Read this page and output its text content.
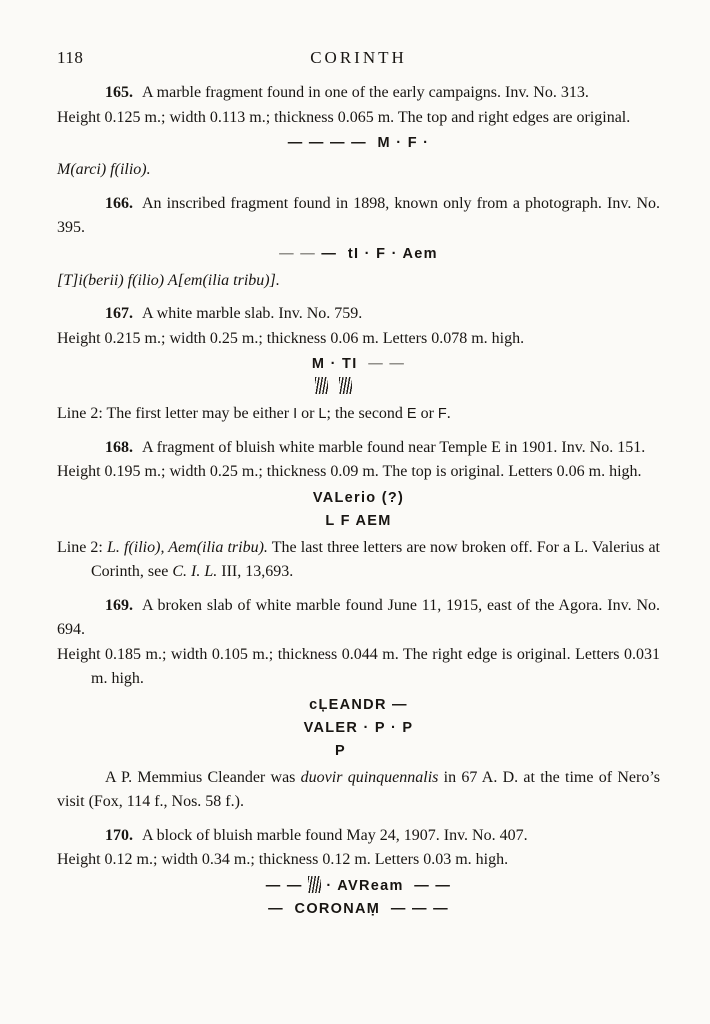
118	CORINTH

165. A marble fragment found in one of the early campaigns. Inv. No. 313.

Height 0.125 m.; width 0.113 m.; thickness 0.065 m. The top and right edges are original.

— — — —  M · F ·

M(arci) f(ilio).

166. An inscribed fragment found in 1898, known only from a photograph. Inv. No. 395.

— — —  tI · F · Aem

[T]i(berii) f(ilio) A[em(ilia tribu)].

167. A white marble slab. Inv. No. 759.

Height 0.215 m.; width 0.25 m.; thickness 0.06 m. Letters 0.078 m. high.

M · TI  — —

Line 2: The first letter may be either I or L; the second E or F.

168. A fragment of bluish white marble found near Temple E in 1901. Inv. No. 151.

Height 0.195 m.; width 0.25 m.; thickness 0.09 m. The top is original. Letters 0.06 m. high.

VALerio (?)
L F AEM

Line 2: L. f(ilio), Aem(ilia tribu). The last three letters are now broken off. For a L. Valerius at Corinth, see C. I. L. III, 13,693.

169. A broken slab of white marble found June 11, 1915, east of the Agora. Inv. No. 694.

Height 0.185 m.; width 0.105 m.; thickness 0.044 m. The right edge is original. Letters 0.031 m. high.

cĻEANDR —
VALER · P · P
P

A P. Memmius Cleander was duovir quinquennalis in 67 A. D. at the time of Nero’s visit (Fox, 114 f., Nos. 58 f.).

170. A block of bluish marble found May 24, 1907. Inv. No. 407.

Height 0.12 m.; width 0.34 m.; thickness 0.12 m. Letters 0.03 m. high.

— —  · AVReam  — —
—  CORONAṂ  — — —
